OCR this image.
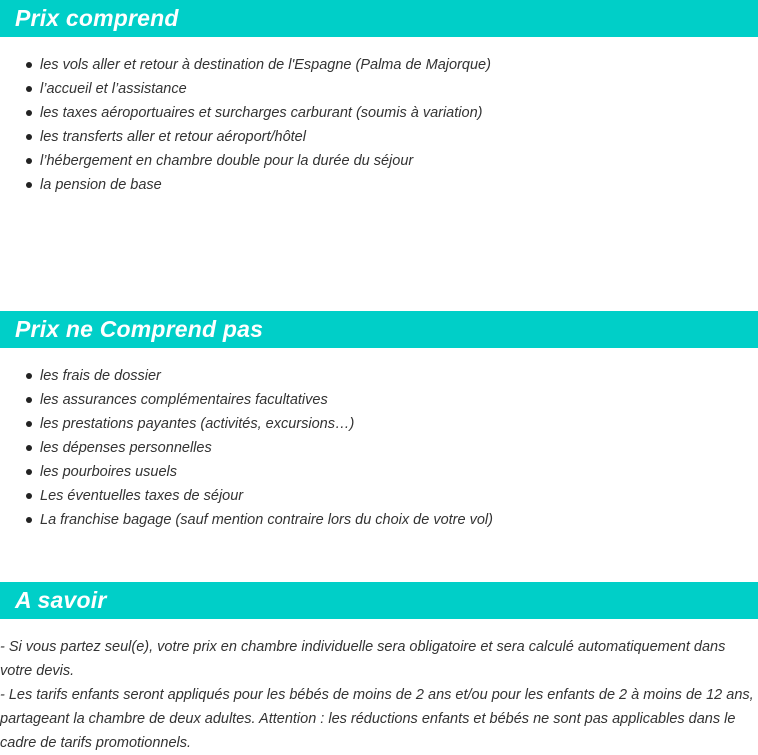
Prix comprend
les vols aller et retour à destination de l'Espagne (Palma de Majorque)
l’accueil et l’assistance
les taxes aéroportuaires et surcharges carburant (soumis à variation)
les transferts aller et retour aéroport/hôtel
l’hébergement en chambre double pour la durée du séjour
la pension de base
Prix ne Comprend pas
les frais de dossier
les assurances complémentaires facultatives
les prestations payantes (activités, excursions…)
les dépenses personnelles
les pourboires usuels
Les éventuelles taxes de séjour
La franchise bagage (sauf mention contraire lors du choix de votre vol)
A savoir

- Si vous partez seul(e), votre prix en chambre individuelle sera obligatoire et sera calculé automatiquement dans votre devis.

- Les tarifs enfants seront appliqués pour les bébés de moins de 2 ans et/ou pour les enfants de 2 à moins de 12 ans, partageant la chambre de deux adultes. Attention : les réductions enfants et bébés ne sont pas applicables dans le cadre de tarifs promotionnels.
